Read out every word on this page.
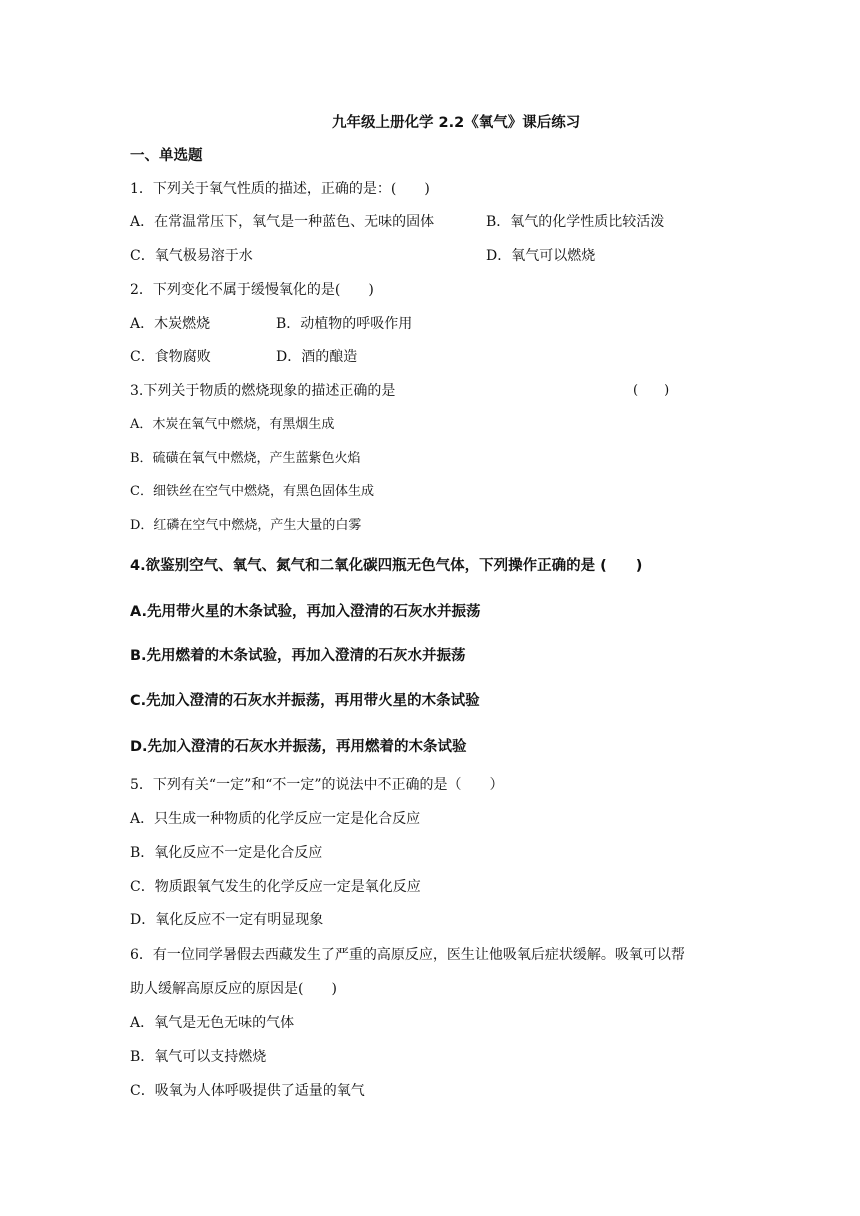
九年级上册化学 2.2《氧气》课后练习
一、单选题
1．下列关于氧气性质的描述，正确的是：(　　)
A．在常温常压下，氧气是一种蓝色、无味的固体	B．氧气的化学性质比较活泼
C．氧气极易溶于水	D．氧气可以燃烧
2．下列变化不属于缓慢氧化的是(　　)
A．木炭燃烧	B．动植物的呼吸作用
C．食物腐败	D．酒的酿造
3.下列关于物质的燃烧现象的描述正确的是	(　　)
A．木炭在氧气中燃烧，有黑烟生成
B．硫磺在氧气中燃烧，产生蓝紫色火焰
C．细铁丝在空气中燃烧，有黑色固体生成
D．红磷在空气中燃烧，产生大量的白雾
4.欲鉴别空气、氧气、氮气和二氧化碳四瓶无色气体，下列操作正确的是 (　　)
A.先用带火星的木条试验，再加入澄清的石灰水并振荡
B.先用燃着的木条试验，再加入澄清的石灰水并振荡
C.先加入澄清的石灰水并振荡，再用带火星的木条试验
D.先加入澄清的石灰水并振荡，再用燃着的木条试验
5．下列有关“一定”和“不一定”的说法中不正确的是（　　）
A．只生成一种物质的化学反应一定是化合反应
B．氧化反应不一定是化合反应
C．物质跟氧气发生的化学反应一定是氧化反应
D．氧化反应不一定有明显现象
6．有一位同学暑假去西藏发生了严重的高原反应，医生让他吸氧后症状缓解。吸氧可以帮
助人缓解高原反应的原因是(　　)
A．氧气是无色无味的气体
B．氧气可以支持燃烧
C．吸氧为人体呼吸提供了适量的氧气
